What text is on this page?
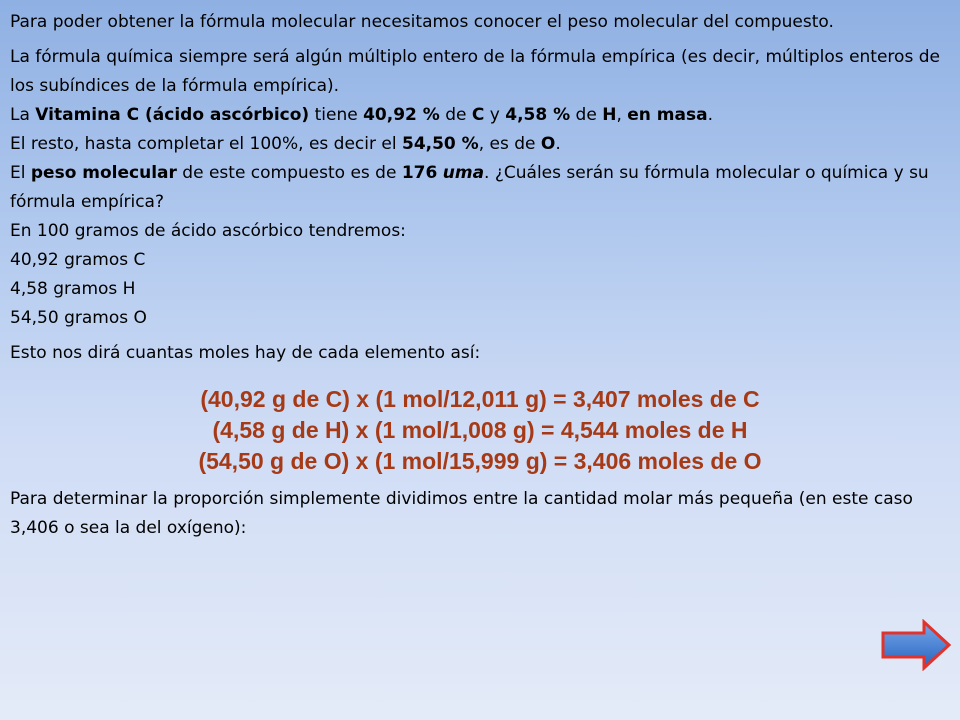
Para poder obtener la fórmula molecular necesitamos conocer el peso molecular del compuesto.

La fórmula química siempre será algún múltiplo entero de la fórmula empírica (es decir, múltiplos enteros de los subíndices de la fórmula empírica).

La Vitamina C (ácido ascórbico) tiene 40,92 % de C y 4,58 % de H, en masa.

El resto, hasta completar el 100%, es decir el 54,50 %, es de O.

El peso molecular de este compuesto es de 176 uma. ¿Cuáles serán su fórmula molecular o química y su fórmula empírica?

En 100 gramos de ácido ascórbico tendremos:

40,92 gramos C

4,58 gramos H

54,50 gramos O

Esto nos dirá cuantas moles hay de cada elemento así:

(40,92 g de C) x (1 mol/12,011 g) = 3,407 moles de C
(4,58 g de H) x (1 mol/1,008 g) = 4,544 moles de H
(54,50 g de O) x (1 mol/15,999 g) = 3,406 moles de O

Para determinar la proporción simplemente dividimos entre la cantidad molar más pequeña (en este caso 3,406 o sea la del oxígeno):
